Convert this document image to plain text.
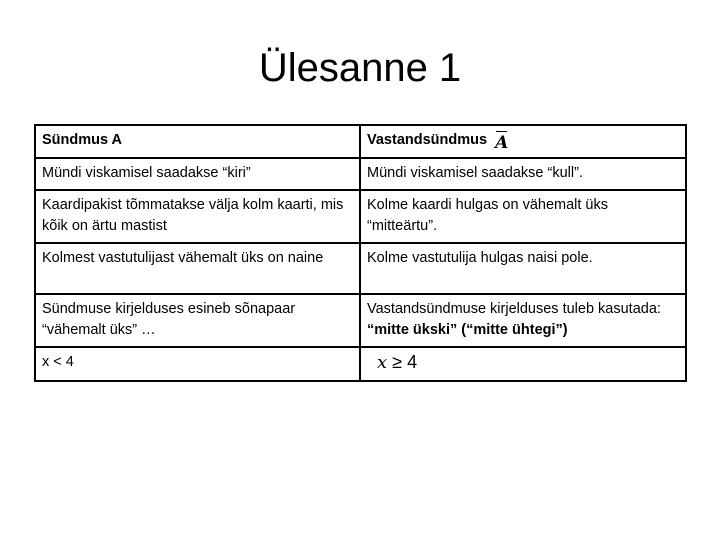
Ülesanne 1
Sündmus A	Vastandsündmus A
Mündi viskamisel saadakse “kiri”	Mündi viskamisel saadakse “kull”.
Kaardipakist tõmmatakse välja kolm kaarti, mis kõik on ärtu mastist	Kolme kaardi hulgas on vähemalt üks “mitteärtu”.
Kolmest vastutulijast vähemalt üks on naine	Kolme vastutulija hulgas naisi pole.
Sündmuse kirjelduses esineb sõnapaar “vähemalt üks” …	Vastandsündmuse kirjelduses tuleb kasutada: “mitte ükski” (“mitte ühtegi”)
x < 4	x ≥ 4
